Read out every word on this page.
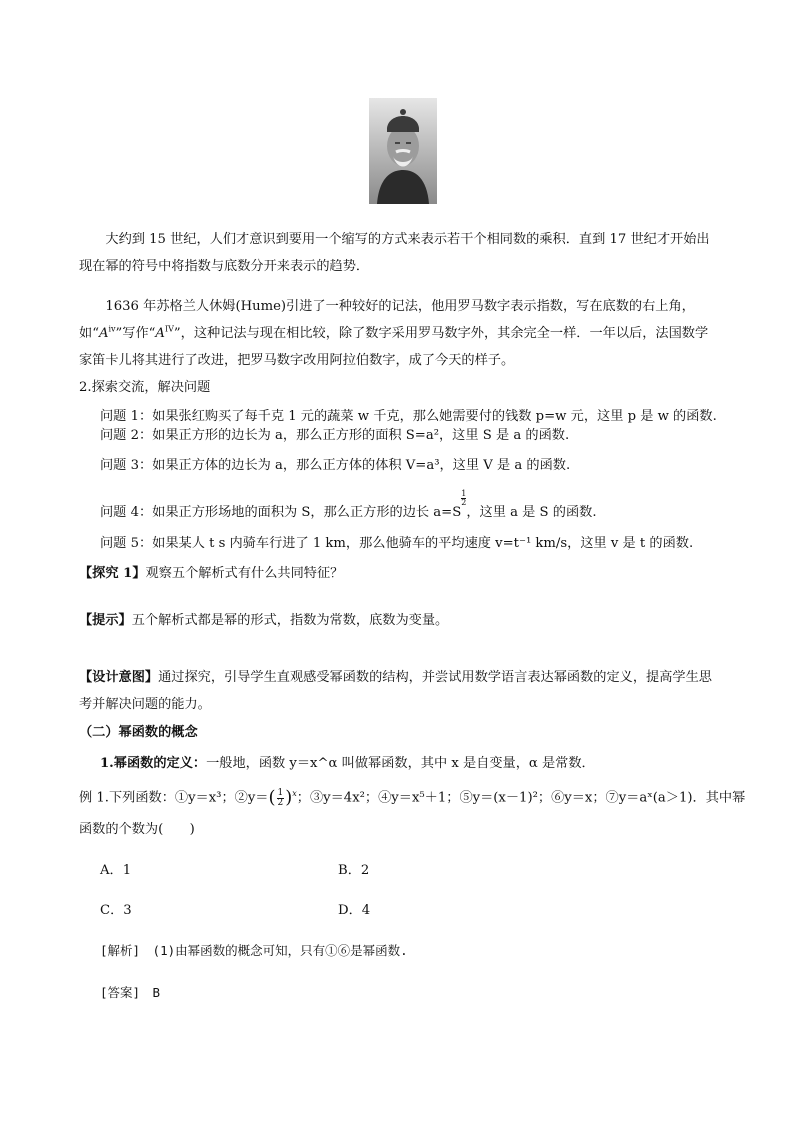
大约到 15 世纪，人们才意识到要用一个缩写的方式来表示若干个相同数的乘积．直到 17 世纪才开始出现在幂的符号中将指数与底数分开来表示的趋势．

1636 年苏格兰人休姆(Hume)引进了一种较好的记法，他用罗马数字表示指数，写在底数的右上角，如“$A^{iv}$”写作“$A^{IV}$”，这种记法与现在相比较，除了数字采用罗马数字外，其余完全一样．一年以后，法国数学家笛卡儿将其进行了改进，把罗马数字改用阿拉伯数字，成了今天的样子。

2.探索交流，解决问题

问题 1：如果张红购买了每千克 1 元的蔬菜 w 千克，那么她需要付的钱数 p=w 元，这里 p 是 w 的函数.

问题 2：如果正方形的边长为 a，那么正方形的面积 S=a²，这里 S 是 a 的函数.

问题 3：如果正方体的边长为 a，那么正方体的体积 V=a³，这里 V 是 a 的函数.

问题 4：如果正方形场地的面积为 S，那么正方形的边长 a=S
$\frac{1}{2}$
，这里 a 是 S 的函数.

问题 5：如果某人 t s 内骑车行进了 1 km，那么他骑车的平均速度 v=t⁻¹ km/s，这里 v 是 t 的函数.

【探究 1】观察五个解析式有什么共同特征？

【提示】五个解析式都是幂的形式，指数为常数，底数为变量。

【设计意图】通过探究，引导学生直观感受幂函数的结构，并尝试用数学语言表达幂函数的定义，提高学生思考并解决问题的能力。

（二）幂函数的概念

1.幂函数的定义：一般地，函数 y＝x^α 叫做幂函数，其中 x 是自变量，α 是常数．

例 1.下列函数：①y＝x³；②y＝( $\frac{1}{2} )^x$；③y＝4x²；④y＝x⁵＋1；⑤y＝(x－1)²；⑥y＝x；⑦y＝aˣ(a＞1)．其中幂

函数的个数为(　　)

A．1	B．2

C．3	D．4

[解析]　(1)由幂函数的概念可知，只有①⑥是幂函数.

[答案]　B
